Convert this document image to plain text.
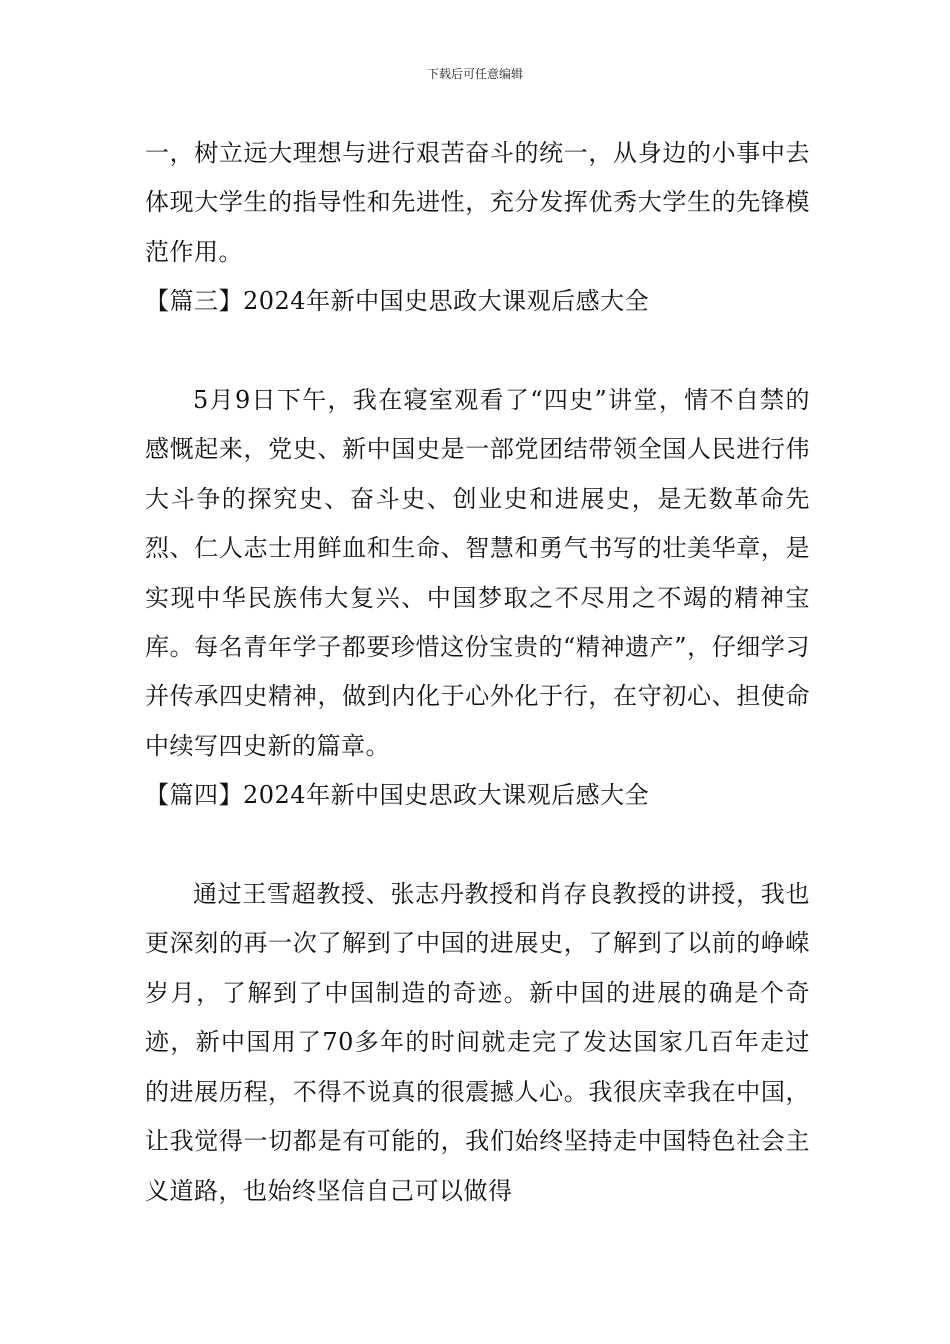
下载后可任意编辑

一，树立远大理想与进行艰苦奋斗的统一，从身边的小事中去体现大学生的指导性和先进性，充分发挥优秀大学生的先锋模范作用。

【篇三】2024年新中国史思政大课观后感大全

5月9日下午，我在寝室观看了“四史”讲堂，情不自禁的感慨起来，党史、新中国史是一部党团结带领全国人民进行伟大斗争的探究史、奋斗史、创业史和进展史，是无数革命先烈、仁人志士用鲜血和生命、智慧和勇气书写的壮美华章，是实现中华民族伟大复兴、中国梦取之不尽用之不竭的精神宝库。每名青年学子都要珍惜这份宝贵的“精神遗产”，仔细学习并传承四史精神，做到内化于心外化于行，在守初心、担使命中续写四史新的篇章。

【篇四】2024年新中国史思政大课观后感大全

通过王雪超教授、张志丹教授和肖存良教授的讲授，我也更深刻的再一次了解到了中国的进展史，了解到了以前的峥嵘岁月，了解到了中国制造的奇迹。新中国的进展的确是个奇迹，新中国用了70多年的时间就走完了发达国家几百年走过的进展历程，不得不说真的很震撼人心。我很庆幸我在中国，让我觉得一切都是有可能的，我们始终坚持走中国特色社会主义道路，也始终坚信自己可以做得
